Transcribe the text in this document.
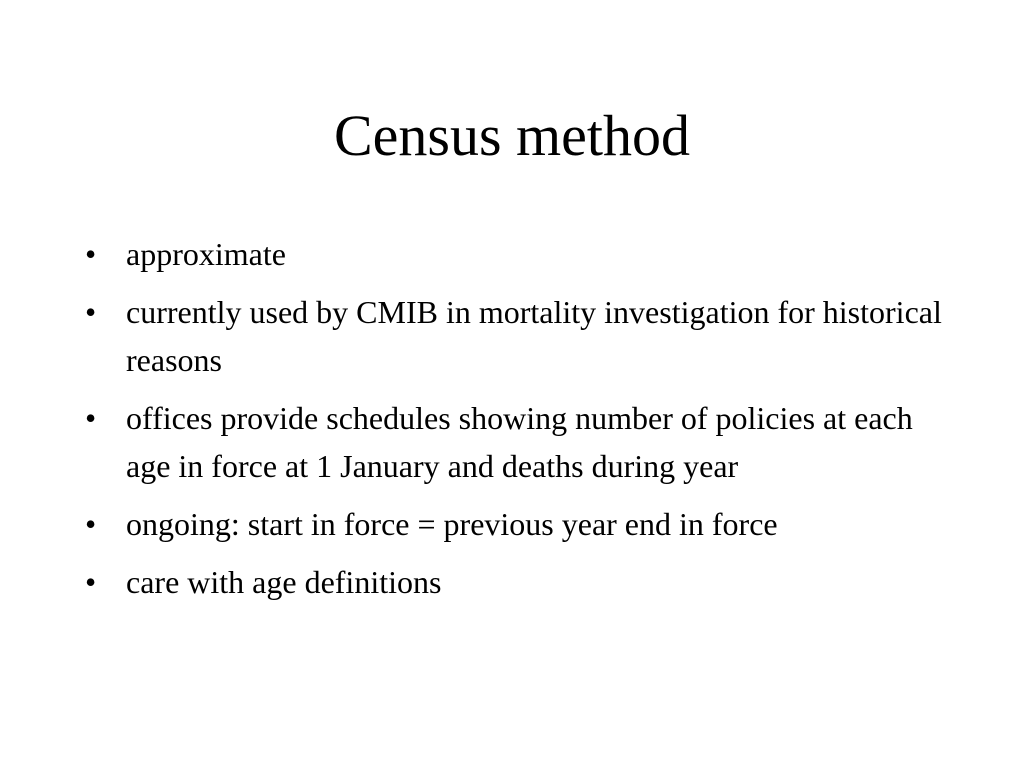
Census method
• approximate
• currently used by CMIB in mortality investigation for historical reasons
• offices provide schedules showing number of policies at each age in force at 1 January and deaths during year
• ongoing: start in force = previous year end in force
• care with age definitions
